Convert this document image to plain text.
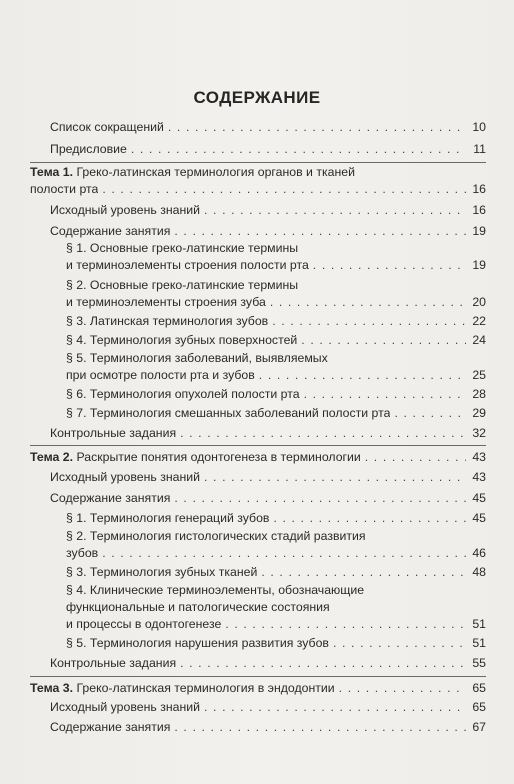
СОДЕРЖАНИЕ
Список сокращений . . .	10
Предисловие . . .	11
Тема 1. Греко-латинская терминология органов и тканей
полости рта . . .	16
Исходный уровень знаний . . .	16
Содержание занятия . . .	19
§ 1. Основные греко-латинские термины
и терминоэлементы строения полости рта . . .	19
§ 2. Основные греко-латинские термины
и терминоэлементы строения зуба . . .	20
§ 3. Латинская терминология зубов . . .	22
§ 4. Терминология зубных поверхностей . . .	24
§ 5. Терминология заболеваний, выявляемых
при осмотре полости рта и зубов . . .	25
§ 6. Терминология опухолей полости рта . . .	28
§ 7. Терминология смешанных заболеваний полости рта . . .	29
Контрольные задания . . .	32
Тема 2. Раскрытие понятия одонтогенеза в терминологии . . .	43
Исходный уровень знаний . . .	43
Содержание занятия . . .	45
§ 1. Терминология генераций зубов . . .	45
§ 2. Терминология гистологических стадий развития
зубов . . .	46
§ 3. Терминология зубных тканей . . .	48
§ 4. Клинические терминоэлементы, обозначающие
функциональные и патологические состояния
и процессы в одонтогенезе . . .	51
§ 5. Терминология нарушения развития зубов . . .	51
Контрольные задания . . .	55
Тема 3. Греко-латинская терминология в эндодонтии . . .	65
Исходный уровень знаний . . .	65
Содержание занятия . . .	67
